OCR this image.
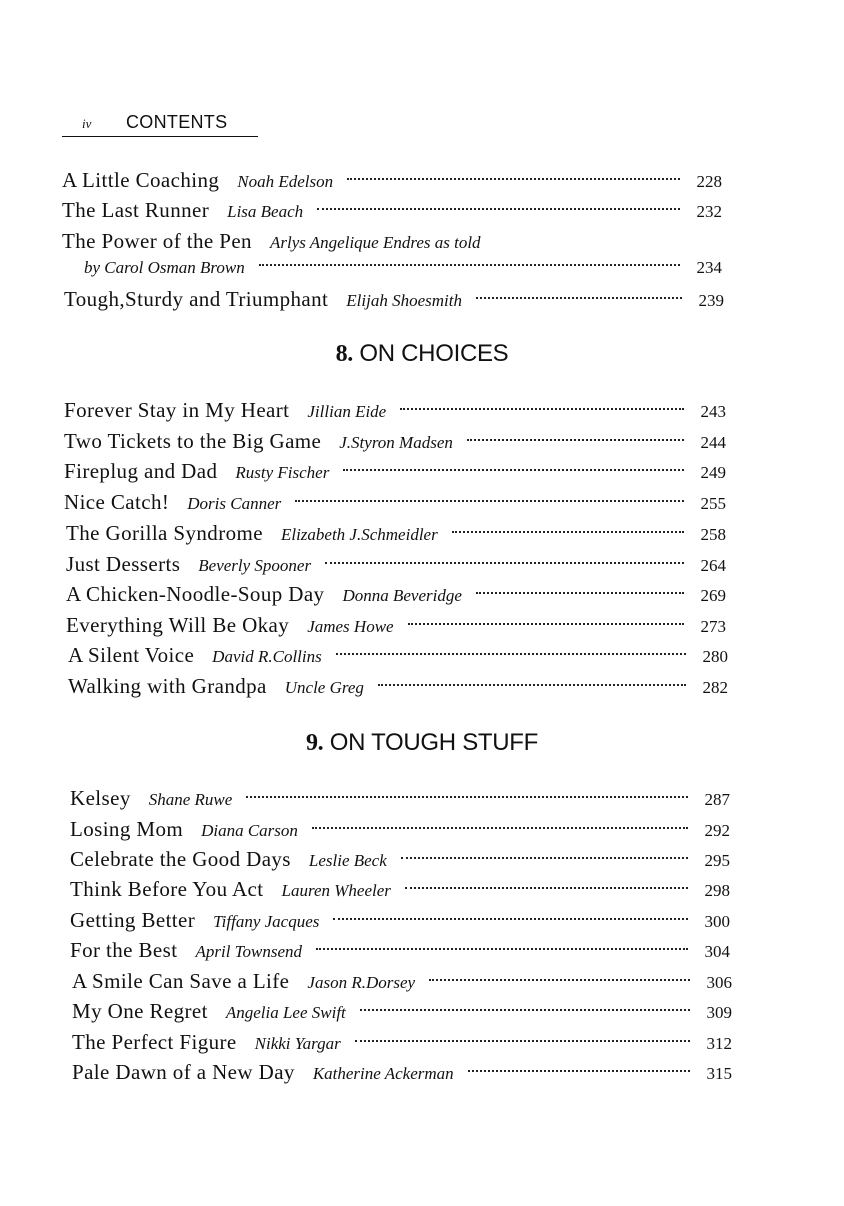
iv CONTENTS
A Little Coaching Noah Edelson	228
The Last Runner Lisa Beach	232
The Power of the Pen Arlys Angelique Endres as told
by Carol Osman Brown	234
Tough,Sturdy and Triumphant Elijah Shoesmith	239
8. ON CHOICES
Forever Stay in My Heart Jillian Eide	243
Two Tickets to the Big Game J.Styron Madsen	244
Fireplug and Dad Rusty Fischer	249
Nice Catch! Doris Canner	255
The Gorilla Syndrome Elizabeth J.Schmeidler	258
Just Desserts Beverly Spooner	264
A Chicken-Noodle-Soup Day Donna Beveridge	269
Everything Will Be Okay James Howe	273
A Silent Voice David R.Collins	280
Walking with Grandpa Uncle Greg	282
9. ON TOUGH STUFF
Kelsey Shane Ruwe	287
Losing Mom Diana Carson	292
Celebrate the Good Days Leslie Beck	295
Think Before You Act Lauren Wheeler	298
Getting Better Tiffany Jacques	300
For the Best April Townsend	304
A Smile Can Save a Life Jason R.Dorsey	306
My One Regret Angelia Lee Swift	309
The Perfect Figure Nikki Yargar	312
Pale Dawn of a New Day Katherine Ackerman	315
